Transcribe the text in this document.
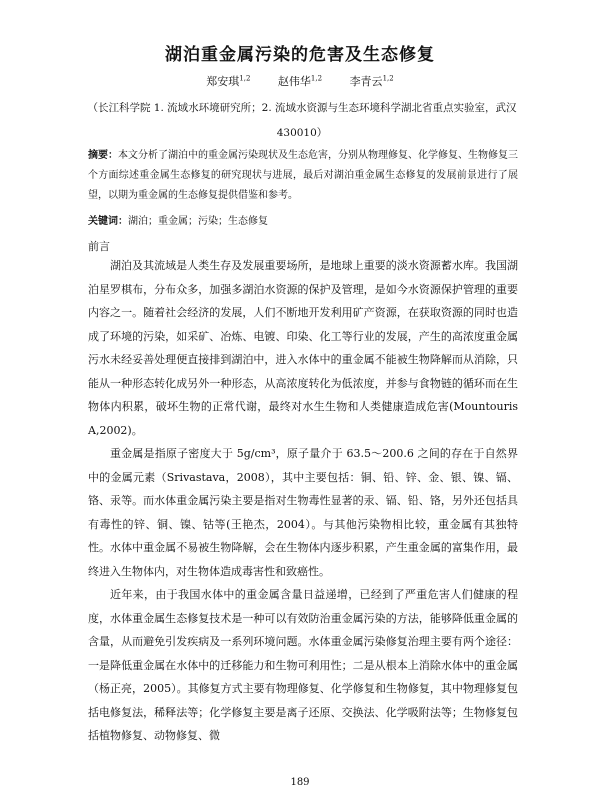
湖泊重金属污染的危害及生态修复
郑安琪$^{1,2}$	赵伟华$^{1,2}$	李青云$^{1,2}$
（长江科学院 1. 流域水环境研究所；2. 流域水资源与生态环境科学湖北省重点实验室，武汉 430010）
摘要：本文分析了湖泊中的重金属污染现状及生态危害，分别从物理修复、化学修复、生物修复三个方面综述重金属生态修复的研究现状与进展，最后对湖泊重金属生态修复的发展前景进行了展望，以期为重金属的生态修复提供借鉴和参考。
关键词：湖泊；重金属；污染；生态修复
前言

湖泊及其流域是人类生存及发展重要场所，是地球上重要的淡水资源蓄水库。我国湖泊星罗棋布，分布众多，加强多湖泊水资源的保护及管理，是如今水资源保护管理的重要内容之一。随着社会经济的发展，人们不断地开发利用矿产资源，在获取资源的同时也造成了环境的污染，如采矿、冶炼、电镀、印染、化工等行业的发展，产生的高浓度重金属污水未经妥善处理便直接排到湖泊中，进入水体中的重金属不能被生物降解而从消除，只能从一种形态转化成另外一种形态，从高浓度转化为低浓度，并参与食物链的循环而在生物体内积累，破坏生物的正常代谢，最终对水生生物和人类健康造成危害(Mountouris A,2002)。

重金属是指原子密度大于 5g/cm³，原子量介于 63.5～200.6 之间的存在于自然界中的金属元素（Srivastava，2008），其中主要包括：铜、铅、锌、金、银、镍、镉、铬、汞等。而水体重金属污染主要是指对生物毒性显著的汞、镉、铅、铬，另外还包括具有毒性的锌、铜、镍、钴等(王艳杰，2004）。与其他污染物相比较，重金属有其独特性。水体中重金属不易被生物降解，会在生物体内逐步积累，产生重金属的富集作用，最终进入生物体内，对生物体造成毒害性和致癌性。

近年来，由于我国水体中的重金属含量日益递增，已经到了严重危害人们健康的程度，水体重金属生态修复技术是一种可以有效防治重金属污染的方法，能够降低重金属的含量，从而避免引发疾病及一系列环境问题。水体重金属污染修复治理主要有两个途径：一是降低重金属在水体中的迁移能力和生物可利用性；二是从根本上消除水体中的重金属（杨正亮，2005）。其修复方式主要有物理修复、化学修复和生物修复，其中物理修复包括电修复法，稀释法等；化学修复主要是离子还原、交换法、化学吸附法等；生物修复包括植物修复、动物修复、微

189
